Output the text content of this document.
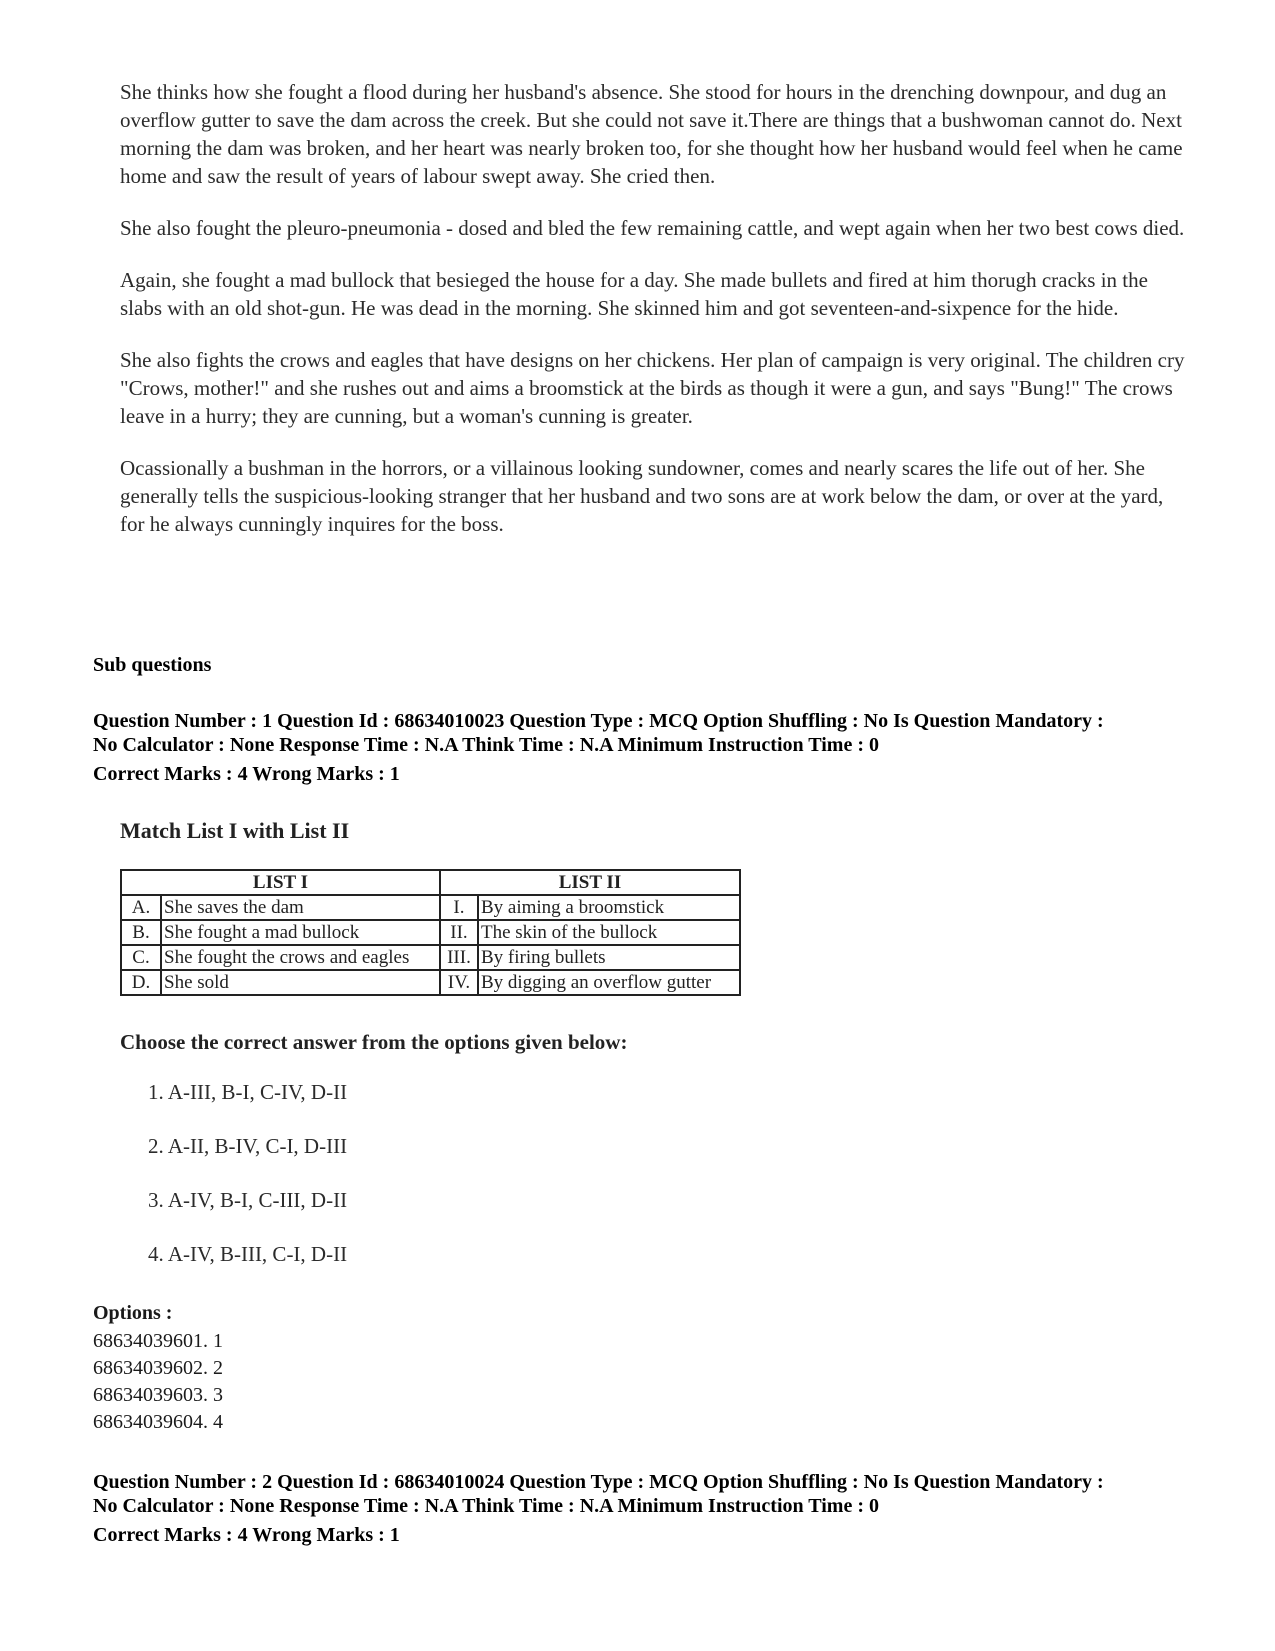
She thinks how she fought a flood during her husband's absence. She stood for hours in the drenching downpour, and dug an overflow gutter to save the dam across the creek. But she could not save it.There are things that a bushwoman cannot do. Next morning the dam was broken, and her heart was nearly broken too, for she thought how her husband would feel when he came home and saw the result of years of labour swept away. She cried then.

She also fought the pleuro-pneumonia - dosed and bled the few remaining cattle, and wept again when her two best cows died.

Again, she fought a mad bullock that besieged the house for a day. She made bullets and fired at him thorugh cracks in the slabs with an old shot-gun. He was dead in the morning. She skinned him and got seventeen-and-sixpence for the hide.

She also fights the crows and eagles that have designs on her chickens. Her plan of campaign is very original. The children cry "Crows, mother!" and she rushes out and aims a broomstick at the birds as though it were a gun, and says "Bung!" The crows leave in a hurry; they are cunning, but a woman's cunning is greater.

Ocassionally a bushman in the horrors, or a villainous looking sundowner, comes and nearly scares the life out of her. She generally tells the suspicious-looking stranger that her husband and two sons are at work below the dam, or over at the yard, for he always cunningly inquires for the boss.

Sub questions
Question Number : 1 Question Id : 68634010023 Question Type : MCQ Option Shuffling : No Is Question Mandatory :
No Calculator : None Response Time : N.A Think Time : N.A Minimum Instruction Time : 0
Correct Marks : 4 Wrong Marks : 1
Match List I with List II
LIST I		LIST II	
A.	She saves the dam	I.	By aiming a broomstick
B.	She fought a mad bullock	II.	The skin of the bullock
C.	She fought the crows and eagles	III.	By firing bullets
D.	She sold	IV.	By digging an overflow gutter
Choose the correct answer from the options given below:
1. A-III, B-I, C-IV, D-II
2. A-II, B-IV, C-I, D-III
3. A-IV, B-I, C-III, D-II
4. A-IV, B-III, C-I, D-II
Options :
68634039601. 1
68634039602. 2
68634039603. 3
68634039604. 4
Question Number : 2 Question Id : 68634010024 Question Type : MCQ Option Shuffling : No Is Question Mandatory :
No Calculator : None Response Time : N.A Think Time : N.A Minimum Instruction Time : 0
Correct Marks : 4 Wrong Marks : 1
